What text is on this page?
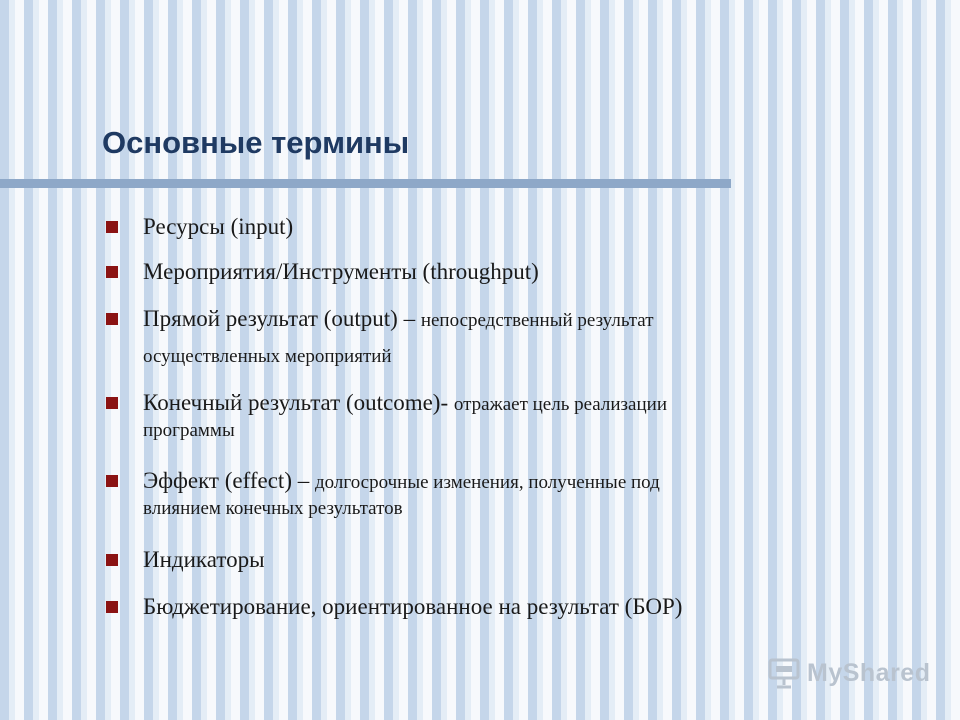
Основные термины
Ресурсы (input)
Мероприятия/Инструменты (throughput)
Прямой результат (output) – непосредственный результат
осуществленных мероприятий
Конечный результат (outcome)- отражает цель реализации
программы
Эффект (effect) – долгосрочные изменения, полученные под
влиянием конечных результатов
Индикаторы
Бюджетирование, ориентированное на результат (БОР)
MyShared
